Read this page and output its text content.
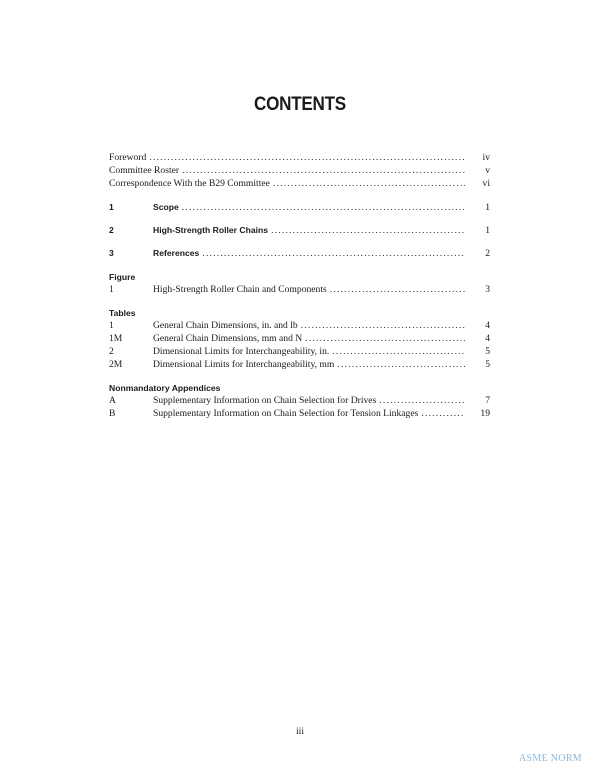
CONTENTS
Foreword . . .	iv
Committee Roster . . .	v
Correspondence With the B29 Committee . . .	vi
1	Scope . . .	1
2	High-Strength Roller Chains . . .	1
3	References . . .	2
Figure
1	High-Strength Roller Chain and Components . . .	3
Tables
1	General Chain Dimensions, in. and lb . . .	4
1M	General Chain Dimensions, mm and N . . .	4
2	Dimensional Limits for Interchangeability, in. . . .	5
2M	Dimensional Limits for Interchangeability, mm . . .	5
Nonmandatory Appendices
A	Supplementary Information on Chain Selection for Drives . . .	7
B	Supplementary Information on Chain Selection for Tension Linkages . . .	19
iii
ASME NORM
